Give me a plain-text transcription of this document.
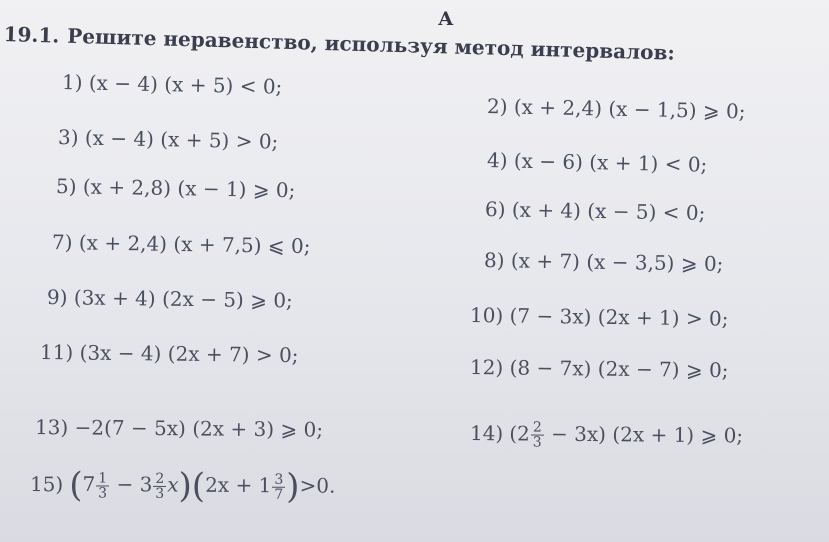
А
19.1. Решите неравенство, используя метод интервалов:
1) (x − 4) (x + 5) < 0;
2) (x + 2,4) (x − 1,5) ⩾ 0;
3) (x − 4) (x + 5) > 0;
4) (x − 6) (x + 1) < 0;
5) (x + 2,8) (x − 1) ⩾ 0;
6) (x + 4) (x − 5) < 0;
7) (x + 2,4) (x + 7,5) ⩽ 0;
8) (x + 7) (x − 3,5) ⩾ 0;
9) (3x + 4) (2x − 5) ⩾ 0;
10) (7 − 3x) (2x + 1) > 0;
11) (3x − 4) (2x + 7) > 0;
12) (8 − 7x) (2x − 7) ⩾ 0;
13) −2(7 − 5x) (2x + 3) ⩾ 0;	14) $(2 \frac{2}{3} - 3x)$ (2x + 1) ⩾ 0;
15) $(7 \frac{1}{3} - 3 \frac{2}{3} x)(2x + 1 \frac{3}{7} )>0$.
